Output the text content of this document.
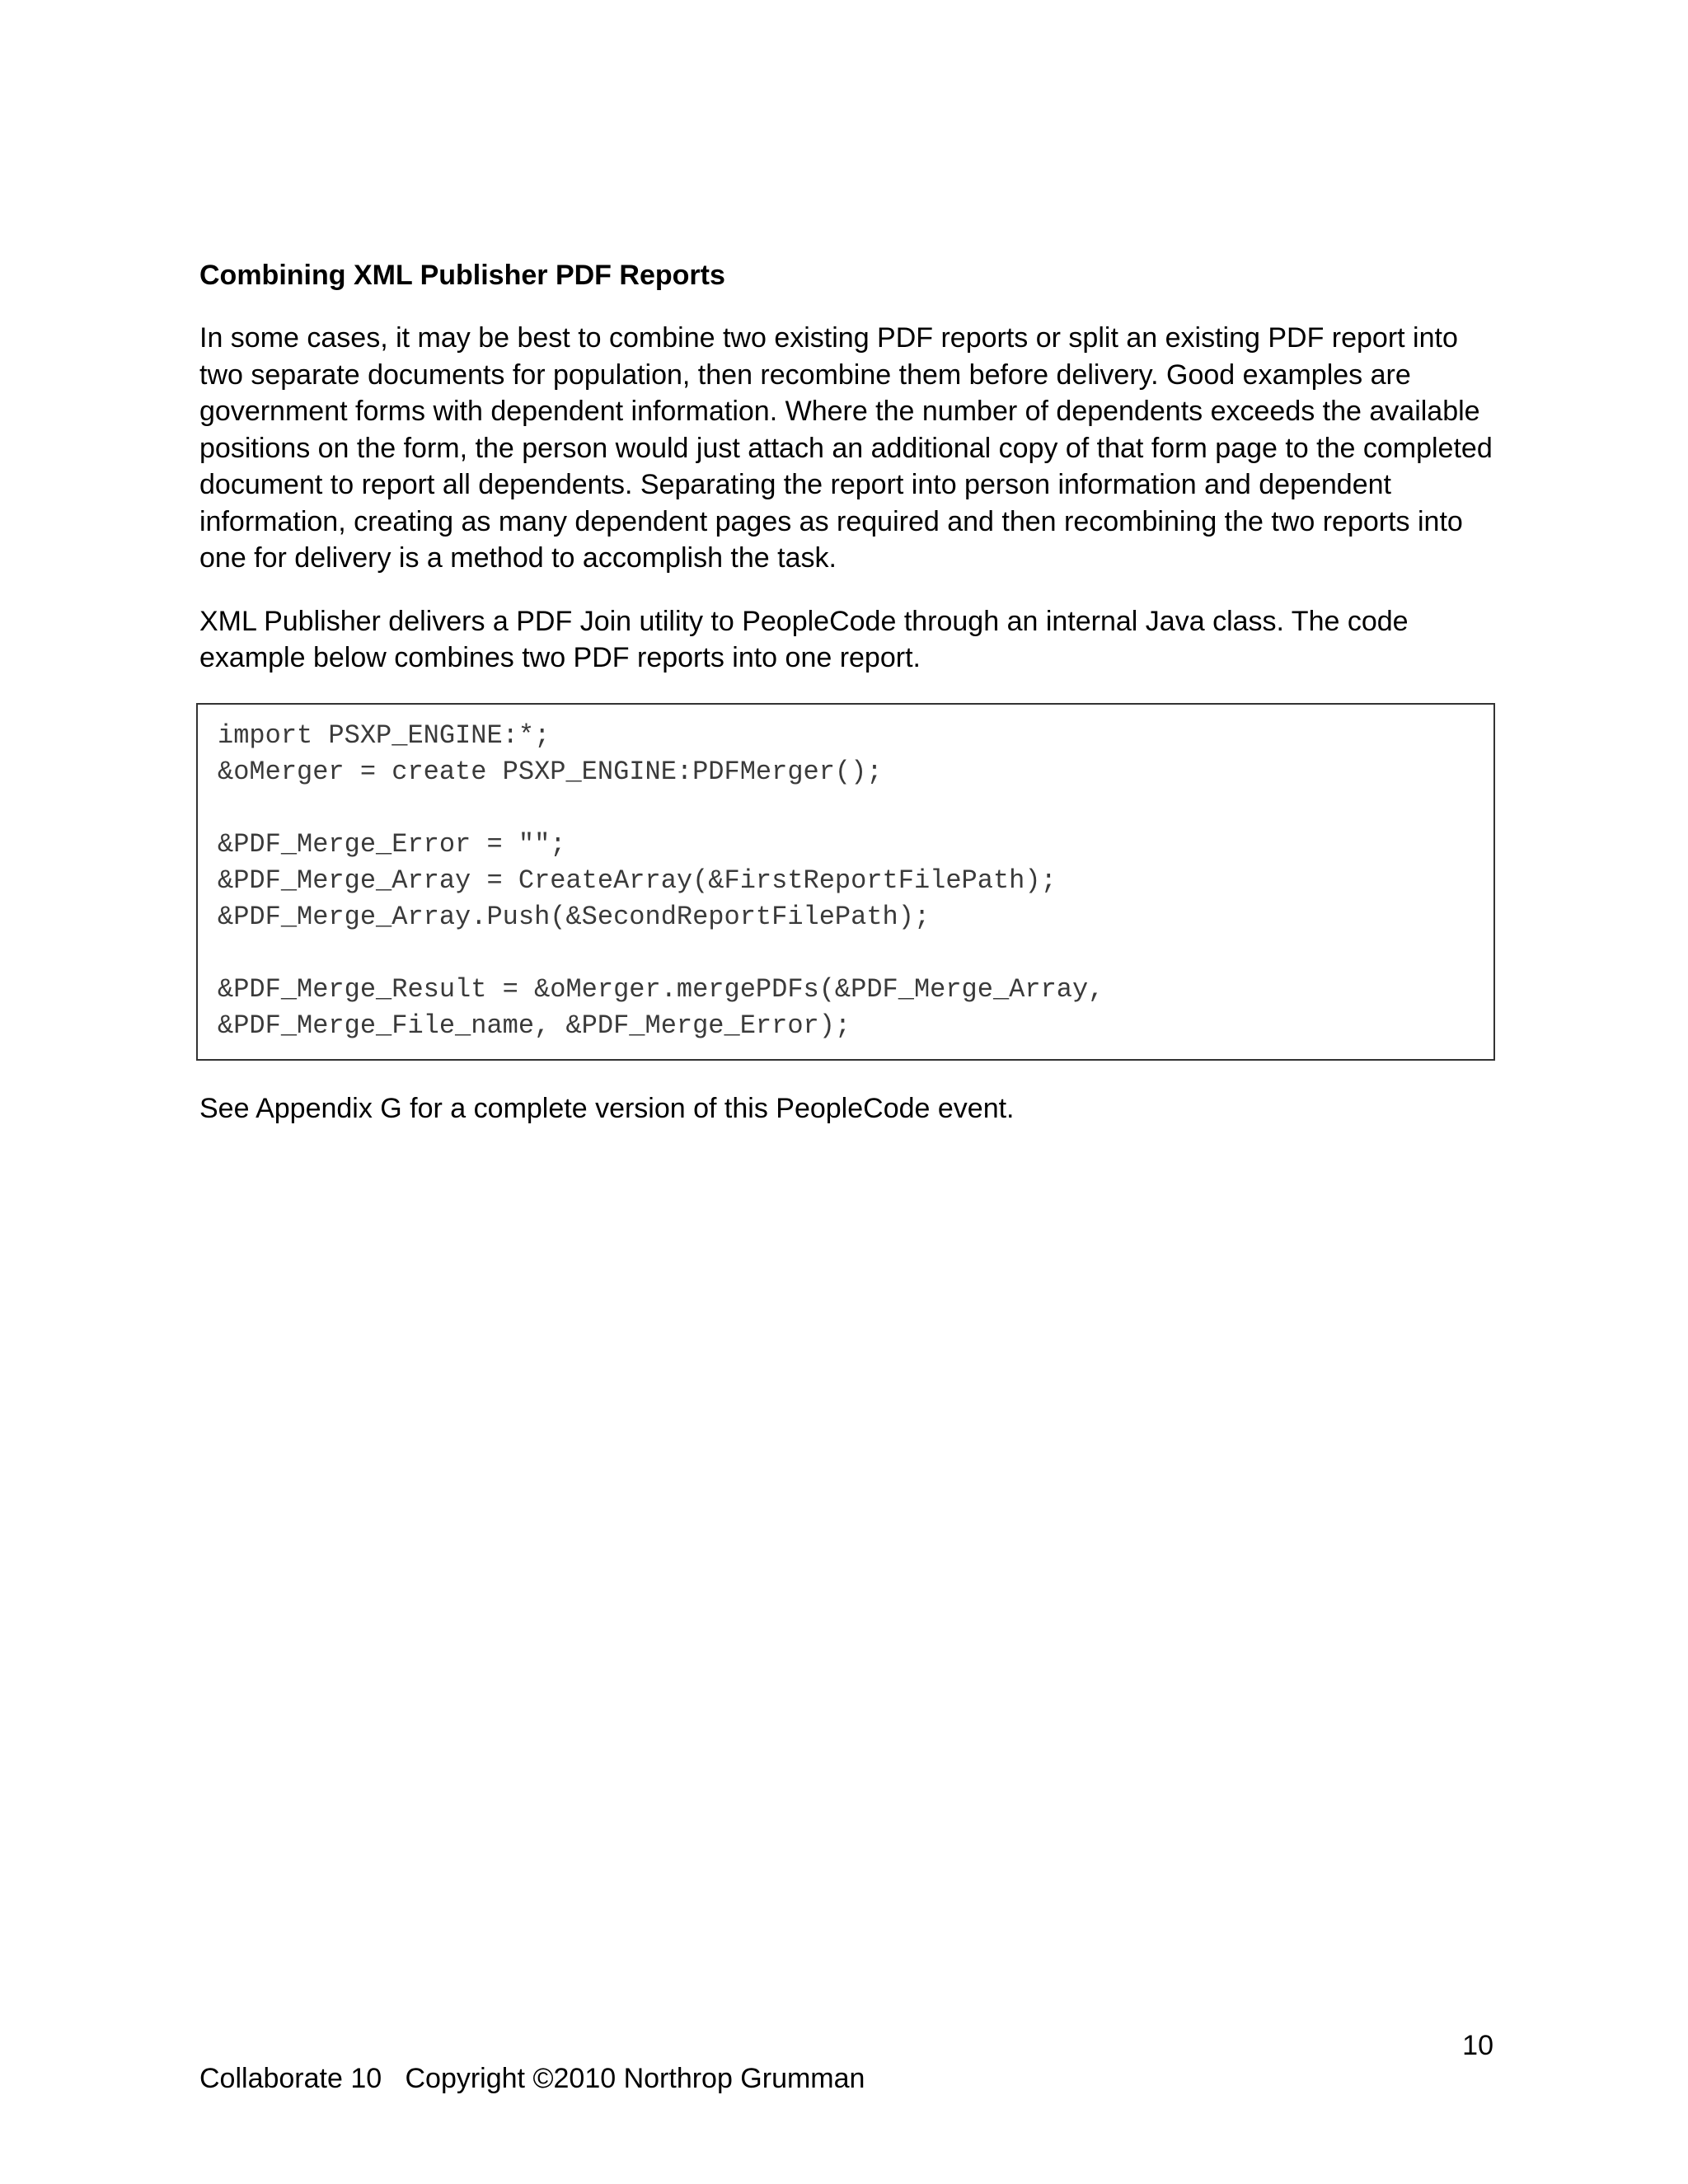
Combining XML Publisher PDF Reports

In some cases, it may be best to combine two existing PDF reports or split an existing PDF report into two separate documents for population, then recombine them before delivery. Good examples are government forms with dependent information. Where the number of dependents exceeds the available positions on the form, the person would just attach an additional copy of that form page to the completed document to report all dependents. Separating the report into person information and dependent information, creating as many dependent pages as required and then recombining the two reports into one for delivery is a method to accomplish the task.

XML Publisher delivers a PDF Join utility to PeopleCode through an internal Java class. The code example below combines two PDF reports into one report.

import PSXP_ENGINE:*;
&oMerger = create PSXP_ENGINE:PDFMerger();
&PDF_Merge_Error = "";
&PDF_Merge_Array = CreateArray(&FirstReportFilePath);
&PDF_Merge_Array.Push(&SecondReportFilePath);
&PDF_Merge_Result = &oMerger.mergePDFs(&PDF_Merge_Array,
&PDF_Merge_File_name, &PDF_Merge_Error);

See Appendix G for a complete version of this PeopleCode event.

10
Collaborate 10   Copyright ©2010 Northrop Grumman
